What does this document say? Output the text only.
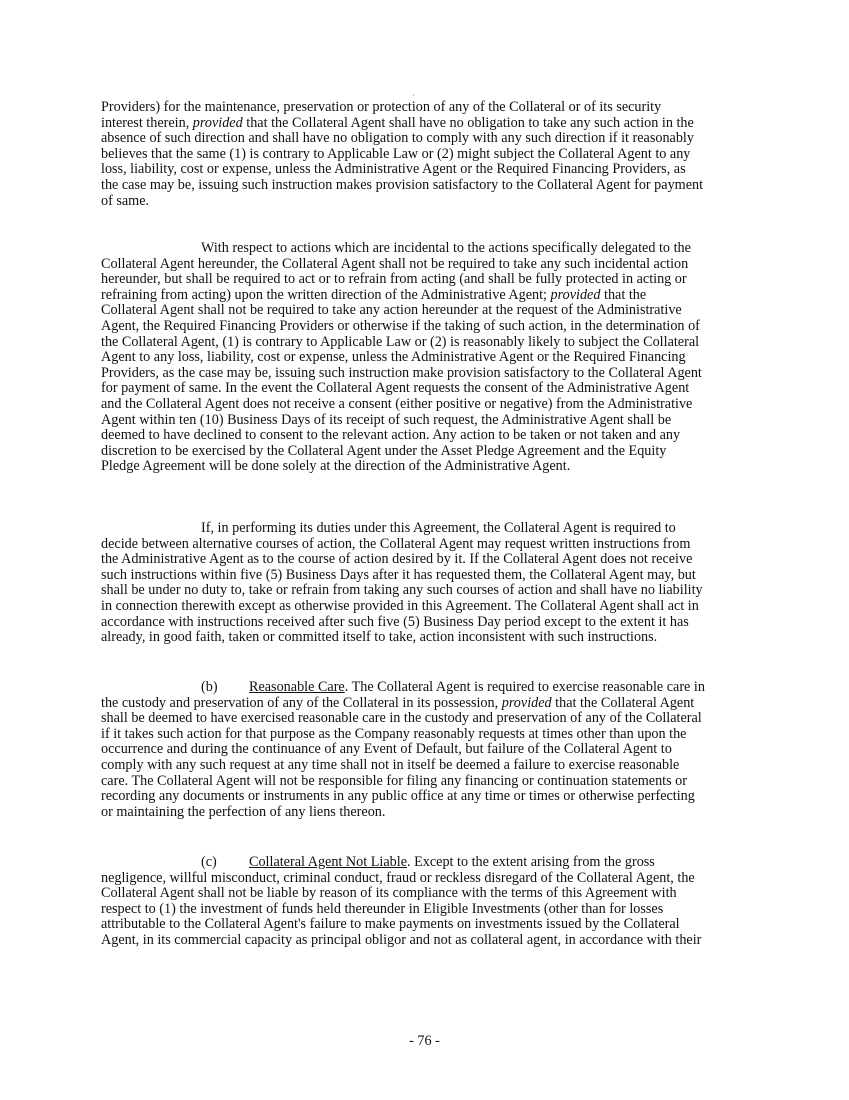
·
Providers) for the maintenance, preservation or protection of any of the Collateral or of its security
interest therein, provided that the Collateral Agent shall have no obligation to take any such action in the
absence of such direction and shall have no obligation to comply with any such direction if it reasonably
believes that the same (1) is contrary to Applicable Law or (2) might subject the Collateral Agent to any
loss, liability, cost or expense, unless the Administrative Agent or the Required Financing Providers, as
the case may be, issuing such instruction makes provision satisfactory to the Collateral Agent for payment
of same.
With respect to actions which are incidental to the actions specifically delegated to the
Collateral Agent hereunder, the Collateral Agent shall not be required to take any such incidental action
hereunder, but shall be required to act or to refrain from acting (and shall be fully protected in acting or
refraining from acting) upon the written direction of the Administrative Agent; provided that the
Collateral Agent shall not be required to take any action hereunder at the request of the Administrative
Agent, the Required Financing Providers or otherwise if the taking of such action, in the determination of
the Collateral Agent, (1) is contrary to Applicable Law or (2) is reasonably likely to subject the Collateral
Agent to any loss, liability, cost or expense, unless the Administrative Agent or the Required Financing
Providers, as the case may be, issuing such instruction make provision satisfactory to the Collateral Agent
for payment of same. In the event the Collateral Agent requests the consent of the Administrative Agent
and the Collateral Agent does not receive a consent (either positive or negative) from the Administrative
Agent within ten (10) Business Days of its receipt of such request, the Administrative Agent shall be
deemed to have declined to consent to the relevant action. Any action to be taken or not taken and any
discretion to be exercised by the Collateral Agent under the Asset Pledge Agreement and the Equity
Pledge Agreement will be done solely at the direction of the Administrative Agent.
If, in performing its duties under this Agreement, the Collateral Agent is required to
decide between alternative courses of action, the Collateral Agent may request written instructions from
the Administrative Agent as to the course of action desired by it. If the Collateral Agent does not receive
such instructions within five (5) Business Days after it has requested them, the Collateral Agent may, but
shall be under no duty to, take or refrain from taking any such courses of action and shall have no liability
in connection therewith except as otherwise provided in this Agreement. The Collateral Agent shall act in
accordance with instructions received after such five (5) Business Day period except to the extent it has
already, in good faith, taken or committed itself to take, action inconsistent with such instructions.
(b) Reasonable Care. The Collateral Agent is required to exercise reasonable care in
the custody and preservation of any of the Collateral in its possession, provided that the Collateral Agent
shall be deemed to have exercised reasonable care in the custody and preservation of any of the Collateral
if it takes such action for that purpose as the Company reasonably requests at times other than upon the
occurrence and during the continuance of any Event of Default, but failure of the Collateral Agent to
comply with any such request at any time shall not in itself be deemed a failure to exercise reasonable
care. The Collateral Agent will not be responsible for filing any financing or continuation statements or
recording any documents or instruments in any public office at any time or times or otherwise perfecting
or maintaining the perfection of any liens thereon.
(c) Collateral Agent Not Liable. Except to the extent arising from the gross
negligence, willful misconduct, criminal conduct, fraud or reckless disregard of the Collateral Agent, the
Collateral Agent shall not be liable by reason of its compliance with the terms of this Agreement with
respect to (1) the investment of funds held thereunder in Eligible Investments (other than for losses
attributable to the Collateral Agent's failure to make payments on investments issued by the Collateral
Agent, in its commercial capacity as principal obligor and not as collateral agent, in accordance with their
- 76 -
